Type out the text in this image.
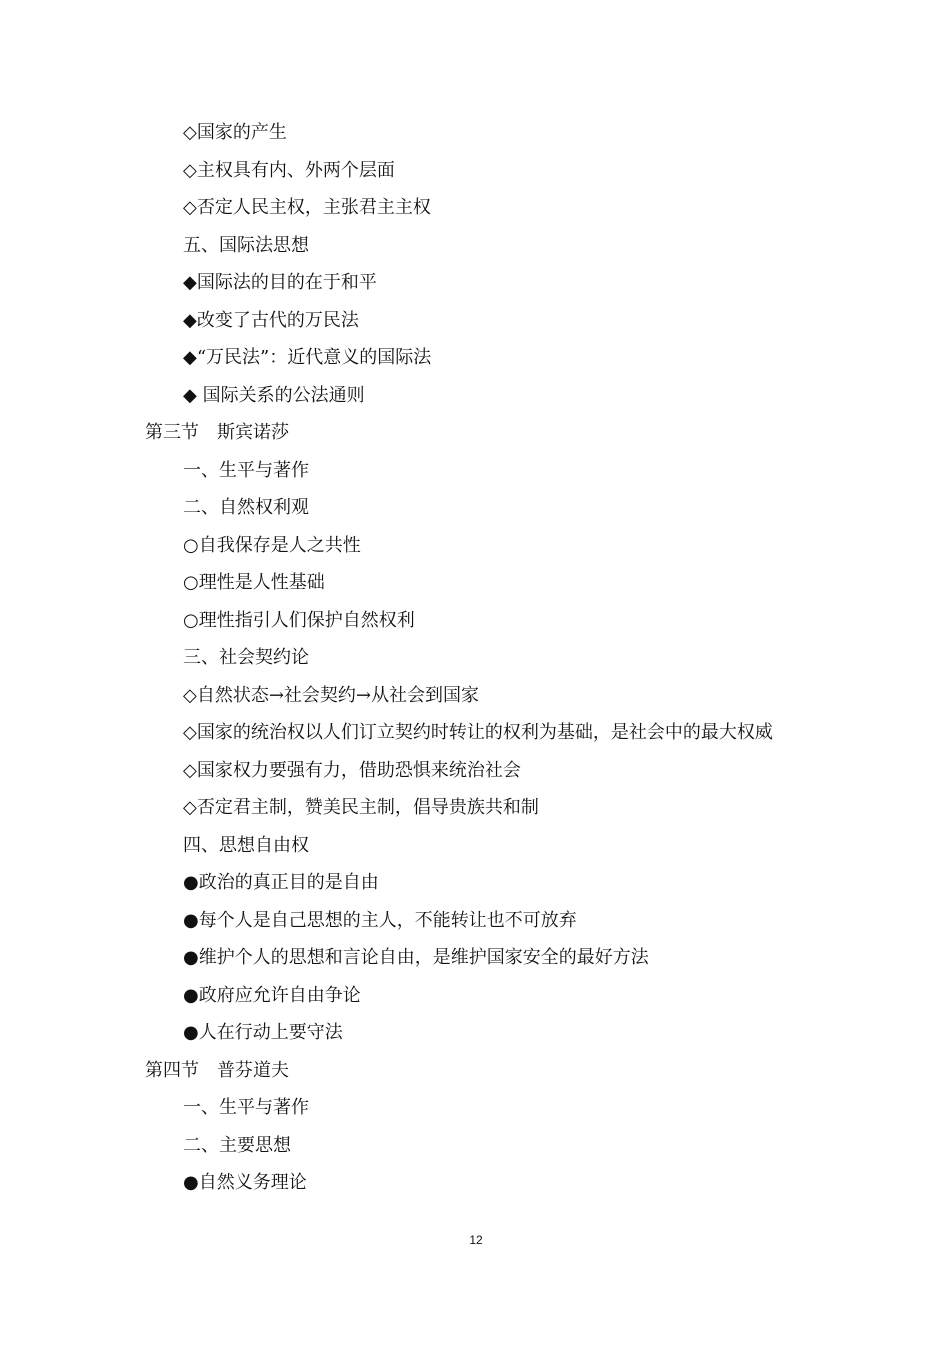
◇国家的产生
◇主权具有内、外两个层面
◇否定人民主权，主张君主主权
五、国际法思想
◆国际法的目的在于和平
◆改变了古代的万民法
◆“万民法”：近代意义的国际法
◆ 国际关系的公法通则
第三节　斯宾诺莎
一、生平与著作
二、自然权利观
○自我保存是人之共性
○理性是人性基础
○理性指引人们保护自然权利
三、社会契约论
◇自然状态→社会契约→从社会到国家
◇国家的统治权以人们订立契约时转让的权利为基础，是社会中的最大权威
◇国家权力要强有力，借助恐惧来统治社会
◇否定君主制，赞美民主制，倡导贵族共和制
四、思想自由权
●政治的真正目的是自由
●每个人是自己思想的主人，不能转让也不可放弃
●维护个人的思想和言论自由，是维护国家安全的最好方法
●政府应允许自由争论
●人在行动上要守法
第四节　普芬道夫
一、生平与著作
二、主要思想
●自然义务理论
12
